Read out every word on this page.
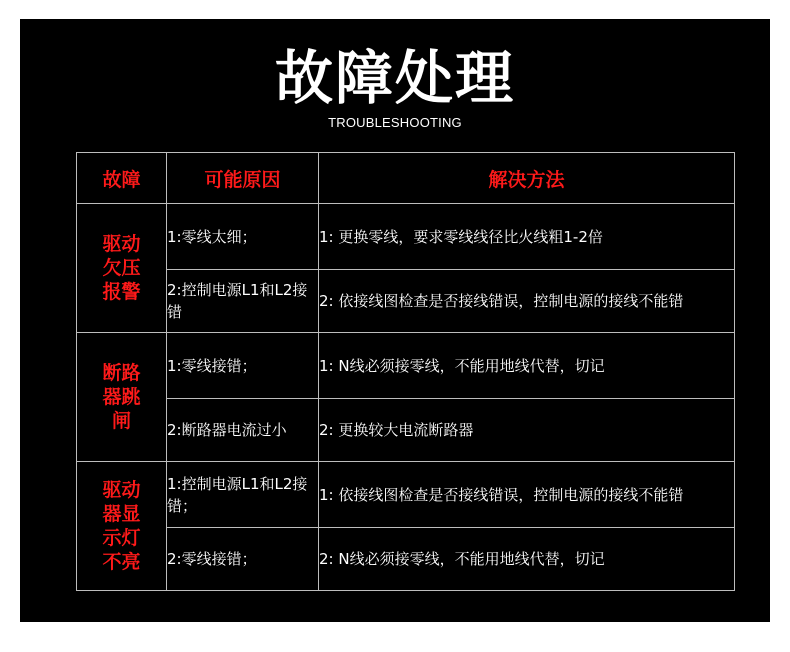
故障处理
TROUBLESHOOTING
故障	可能原因	解决方法

驱动欠压报警	1:零线太细；	1: 更换零线，要求零线线径比火线粗1-2倍
	2:控制电源L1和L2接错	2: 依接线图检查是否接线错误，控制电源的接线不能错

断路器跳闸	1:零线接错；	1: N线必须接零线，不能用地线代替，切记
	2:断路器电流过小	2: 更换较大电流断路器

驱动器显示灯不亮	1:控制电源L1和L2接错；	1: 依接线图检查是否接线错误，控制电源的接线不能错
	2:零线接错；	2: N线必须接零线，不能用地线代替，切记
